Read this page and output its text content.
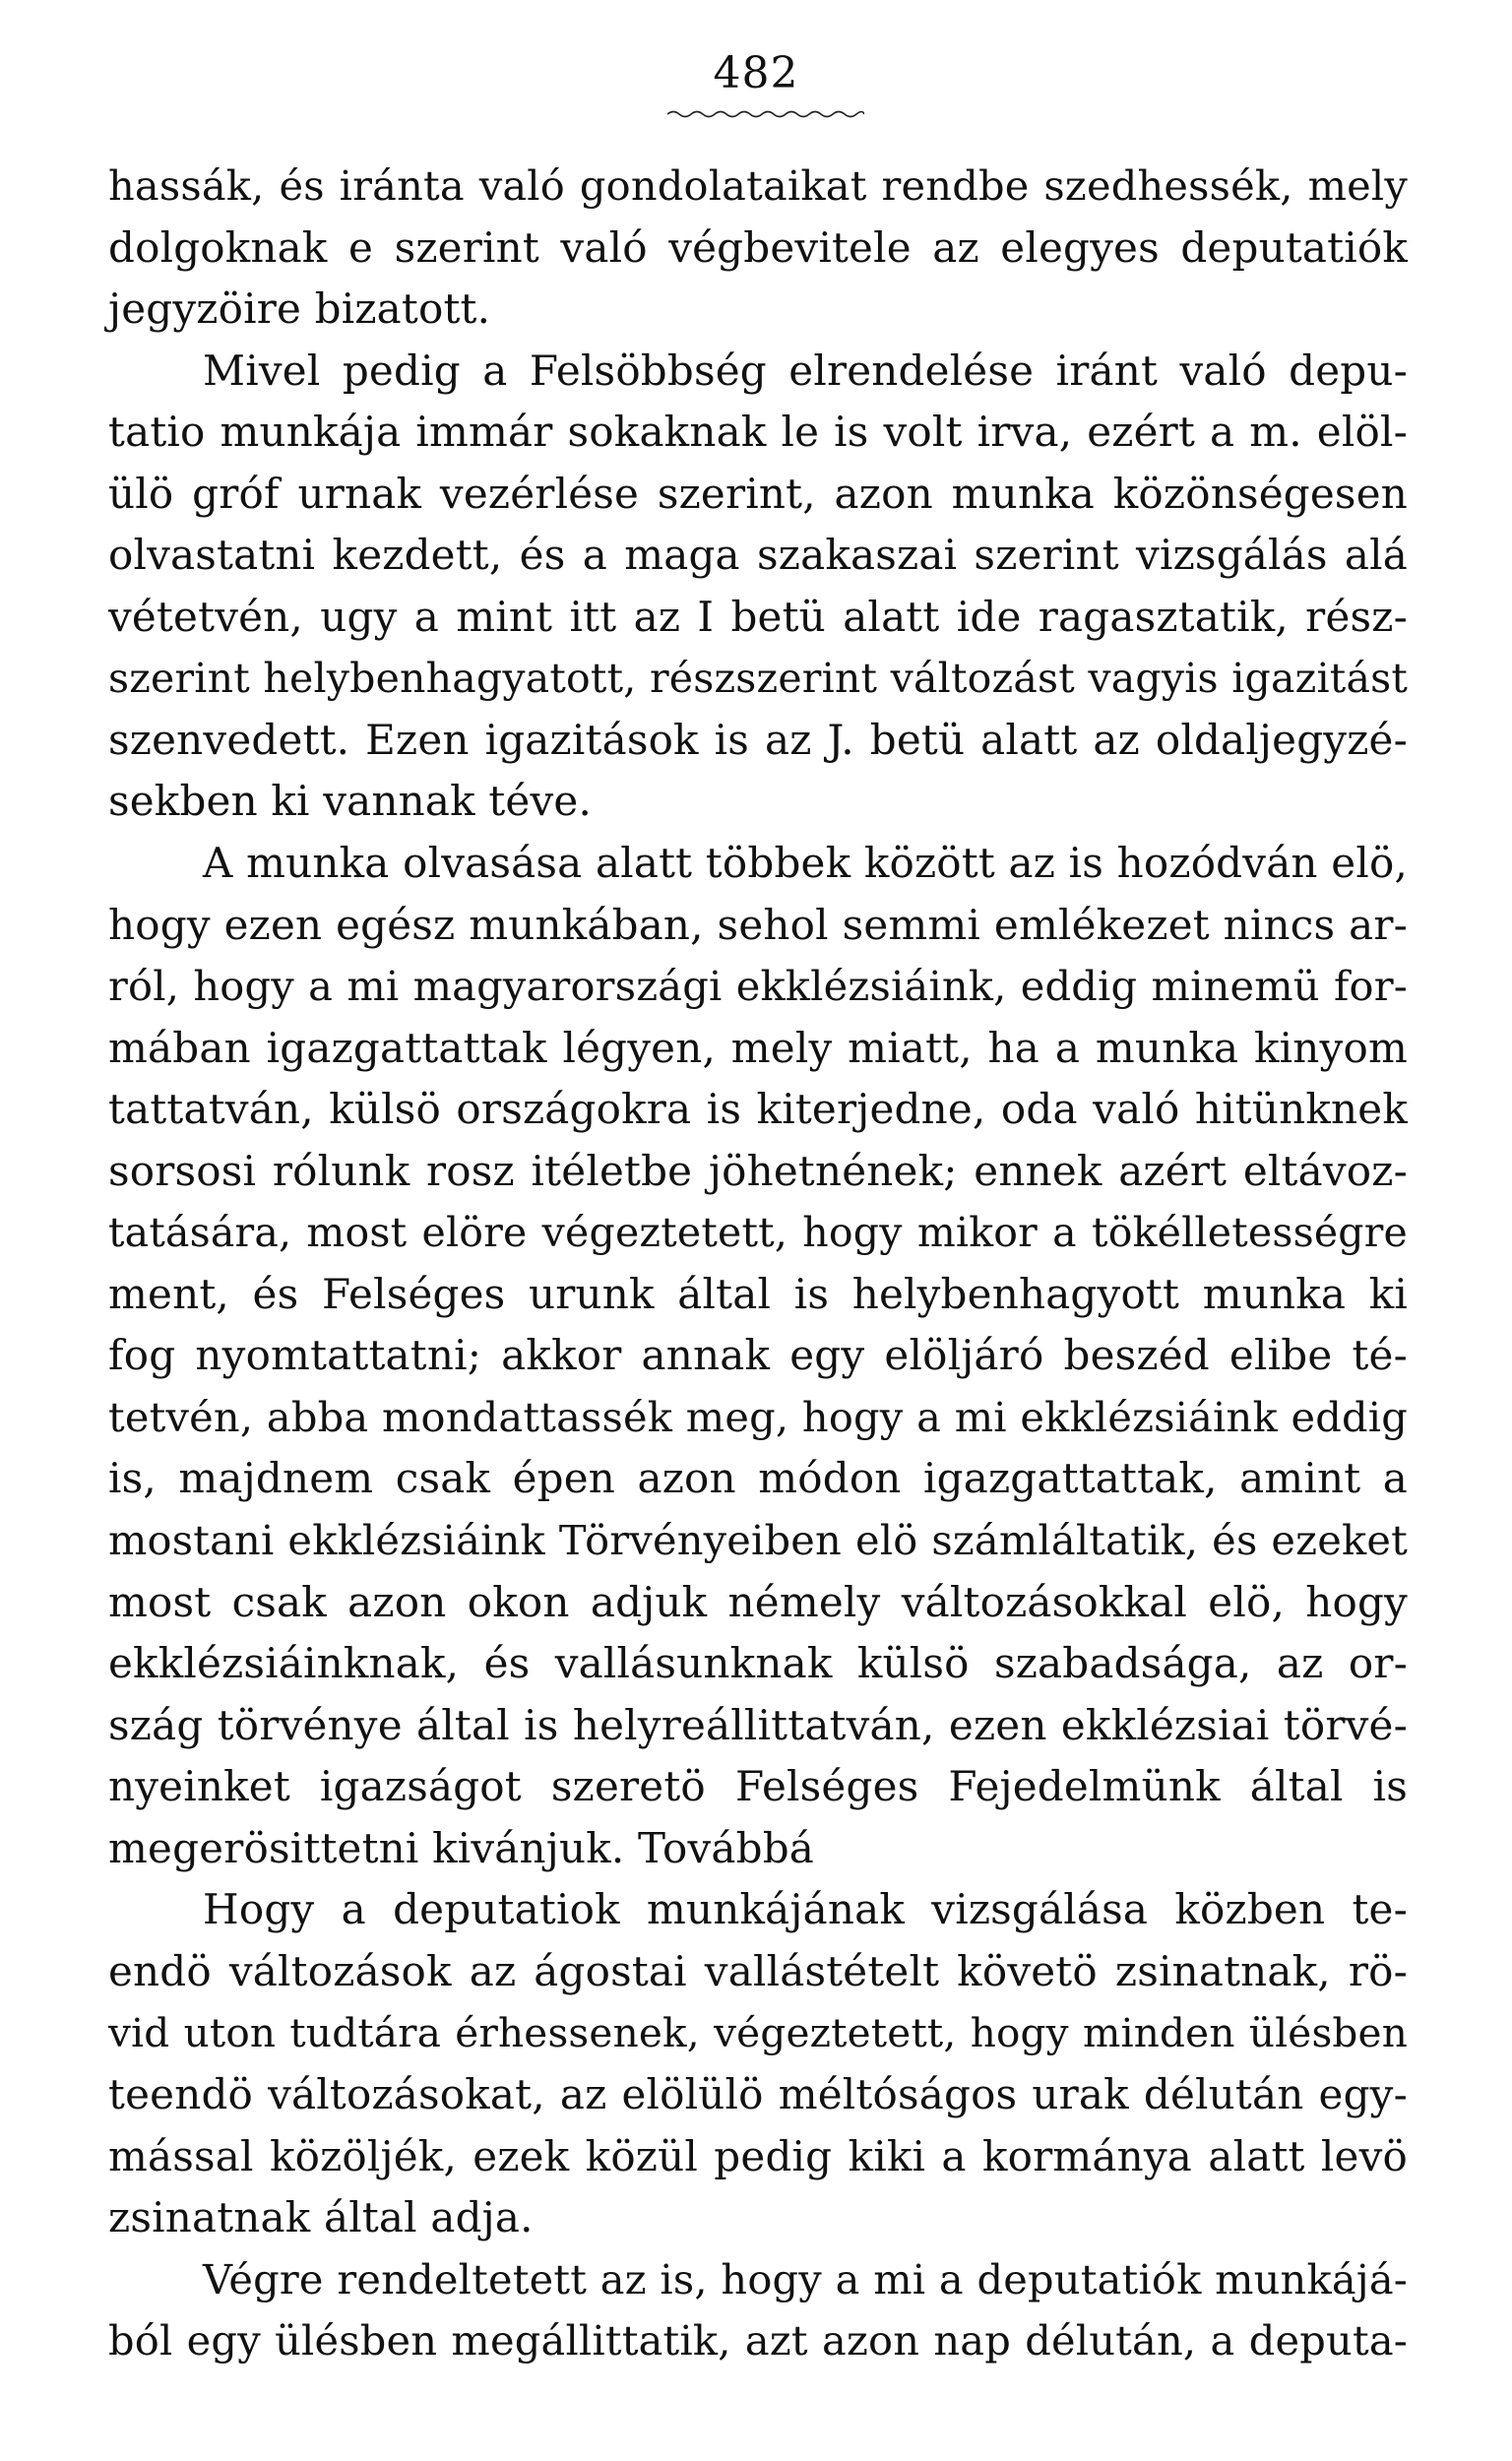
482
hassák, és iránta való gondolataikat rendbe szedhessék, mely
dolgoknak e szerint való végbevitele az elegyes deputatiók
jegyzöire bizatott.
Mivel pedig a Felsöbbség elrendelése iránt való depu-
tatio munkája immár sokaknak le is volt irva, ezért a m. elöl-
ülö gróf urnak vezérlése szerint, azon munka közönségesen
olvastatni kezdett, és a maga szakaszai szerint vizsgálás alá
vétetvén, ugy a mint itt az I betü alatt ide ragasztatik, rész-
szerint helybenhagyatott, részszerint változást vagyis igazitást
szenvedett. Ezen igazitások is az J. betü alatt az oldaljegyzé-
sekben ki vannak téve.
A munka olvasása alatt többek között az is hozódván elö,
hogy ezen egész munkában, sehol semmi emlékezet nincs ar-
ról, hogy a mi magyarországi ekklézsiáink, eddig minemü for-
mában igazgattattak légyen, mely miatt, ha a munka kinyom
tattatván, külsö országokra is kiterjedne, oda való hitünknek
sorsosi rólunk rosz itéletbe jöhetnének; ennek azért eltávoz-
tatására, most elöre végeztetett, hogy mikor a tökélletességre
ment, és Felséges urunk által is helybenhagyott munka ki
fog nyomtattatni; akkor annak egy elöljáró beszéd elibe té-
tetvén, abba mondattassék meg, hogy a mi ekklézsiáink eddig
is, majdnem csak épen azon módon igazgattattak, amint a
mostani ekklézsiáink Törvényeiben elö számláltatik, és ezeket
most csak azon okon adjuk némely változásokkal elö, hogy
ekklézsiáinknak, és vallásunknak külsö szabadsága, az or-
szág törvénye által is helyreállittatván, ezen ekklézsiai törvé-
nyeinket igazságot szeretö Felséges Fejedelmünk által is
megerösittetni kivánjuk. Továbbá
Hogy a deputatiok munkájának vizsgálása közben te-
endö változások az ágostai vallástételt követö zsinatnak, rö-
vid uton tudtára érhessenek, végeztetett, hogy minden ülésben
teendö változásokat, az elölülö méltóságos urak délután egy-
mással közöljék, ezek közül pedig kiki a kormánya alatt levö
zsinatnak által adja.
Végre rendeltetett az is, hogy a mi a deputatiók munkájá-
ból egy ülésben megállittatik, azt azon nap délután, a deputa-
